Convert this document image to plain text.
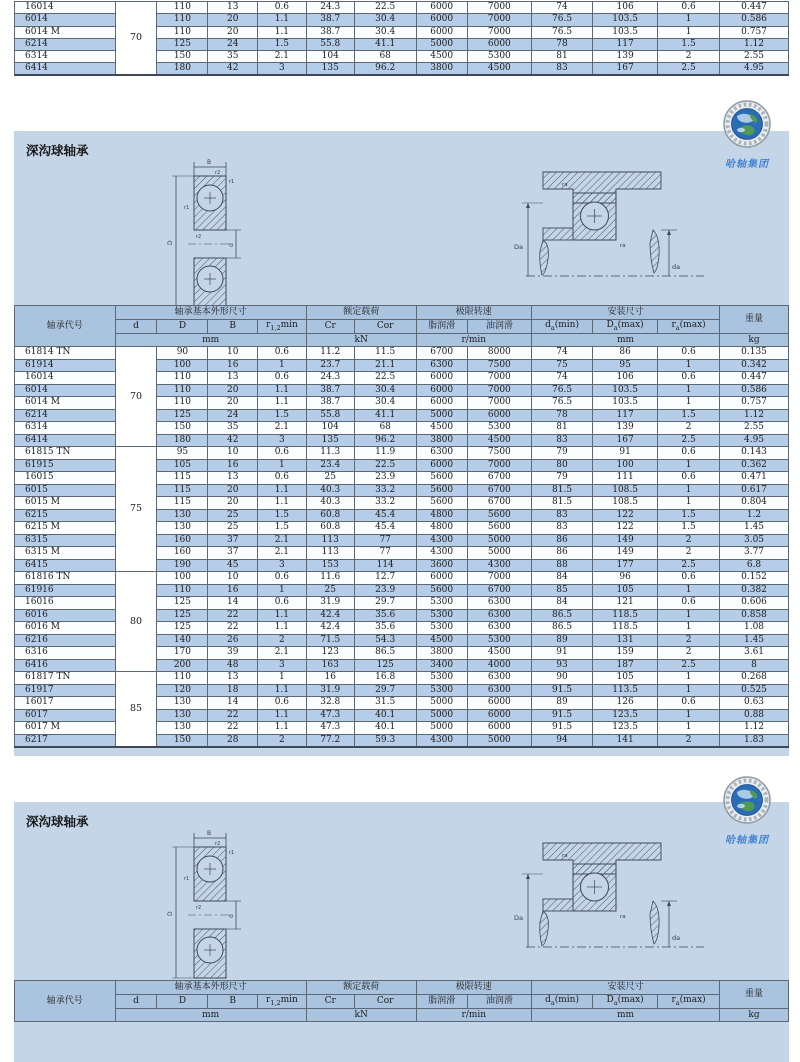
16014	70	110	13	0.6	24.3	22.5	6000	7000	74	106	0.6	0.447
6014		110	20	1.1	38.7	30.4	6000	7000	76.5	103.5	1	0.586
6014 M		110	20	1.1	38.7	30.4	6000	7000	76.5	103.5	1	0.757
6214		125	24	1.5	55.8	41.1	5000	6000	78	117	1.5	1.12
6314		150	35	2.1	104	68	4500	5300	81	139	2	2.55
6414		180	42	3	135	96.2	3800	4500	83	167	2.5	4.95
深沟球轴承
B
r2
r1
r1
r2
D
d
ra
Da	ra
da
轴承代号	轴承基本外形尺寸				额定载荷		极限转速		安装尺寸			重量
	d	D	B	$r_{1,2}\min$	Cr	Cor	脂润滑	油润滑	$d_a(\min)$	$D_a(\max)$	$r_a(\max)$	
	mm				kN		r/min		mm			kg
61814 TN	70	90	10	0.6	11.2	11.5	6700	8000	74	86	0.6	0.135
61914		100	16	1	23.7	21.1	6300	7500	75	95	1	0.342
16014		110	13	0.6	24.3	22.5	6000	7000	74	106	0.6	0.447
6014		110	20	1.1	38.7	30.4	6000	7000	76.5	103.5	1	0.586
6014 M		110	20	1.1	38.7	30.4	6000	7000	76.5	103.5	1	0.757
6214		125	24	1.5	55.8	41.1	5000	6000	78	117	1.5	1.12
6314		150	35	2.1	104	68	4500	5300	81	139	2	2.55
6414		180	42	3	135	96.2	3800	4500	83	167	2.5	4.95
61815 TN	75	95	10	0.6	11.3	11.9	6300	7500	79	91	0.6	0.143
61915		105	16	1	23.4	22.5	6000	7000	80	100	1	0.362
16015		115	13	0.6	25	23.9	5600	6700	79	111	0.6	0.471
6015		115	20	1.1	40.3	33.2	5600	6700	81.5	108.5	1	0.617
6015 M		115	20	1.1	40.3	33.2	5600	6700	81.5	108.5	1	0.804
6215		130	25	1.5	60.8	45.4	4800	5600	83	122	1.5	1.2
6215 M		130	25	1.5	60.8	45.4	4800	5600	83	122	1.5	1.45
6315		160	37	2.1	113	77	4300	5000	86	149	2	3.05
6315 M		160	37	2.1	113	77	4300	5000	86	149	2	3.77
6415		190	45	3	153	114	3600	4300	88	177	2.5	6.8
61816 TN	80	100	10	0.6	11.6	12.7	6000	7000	84	96	0.6	0.152
61916		110	16	1	25	23.9	5600	6700	85	105	1	0.382
16016		125	14	0.6	31.9	29.7	5300	6300	84	121	0.6	0.606
6016		125	22	1.1	42.4	35.6	5300	6300	86.5	118.5	1	0.858
6016 M		125	22	1.1	42.4	35.6	5300	6300	86.5	118.5	1	1.08
6216		140	26	2	71.5	54.3	4500	5300	89	131	2	1.45
6316		170	39	2.1	123	86.5	3800	4500	91	159	2	3.61
6416		200	48	3	163	125	3400	4000	93	187	2.5	8
61817 TN	85	110	13	1	16	16.8	5300	6300	90	105	1	0.268
61917		120	18	1.1	31.9	29.7	5300	6300	91.5	113.5	1	0.525
16017		130	14	0.6	32.8	31.5	5000	6000	89	126	0.6	0.63
6017		130	22	1.1	47.3	40.1	5000	6000	91.5	123.5	1	0.88
6017 M		130	22	1.1	47.3	40.1	5000	6000	91.5	123.5	1	1.12
6217		150	28	2	77.2	59.3	4300	5000	94	141	2	1.83
深沟球轴承
B
r2
r1
r1
r2
D
d
ra
Da	ra
da
轴承代号	轴承基本外形尺寸				额定载荷		极限转速		安装尺寸			重量
	d	D	B	$r_{1,2}\min$	Cr	Cor	脂润滑	油润滑	$d_a(\min)$	$D_a(\max)$	$r_a(\max)$	
	mm				kN		r/min		mm			kg
哈轴集团
哈轴集团
